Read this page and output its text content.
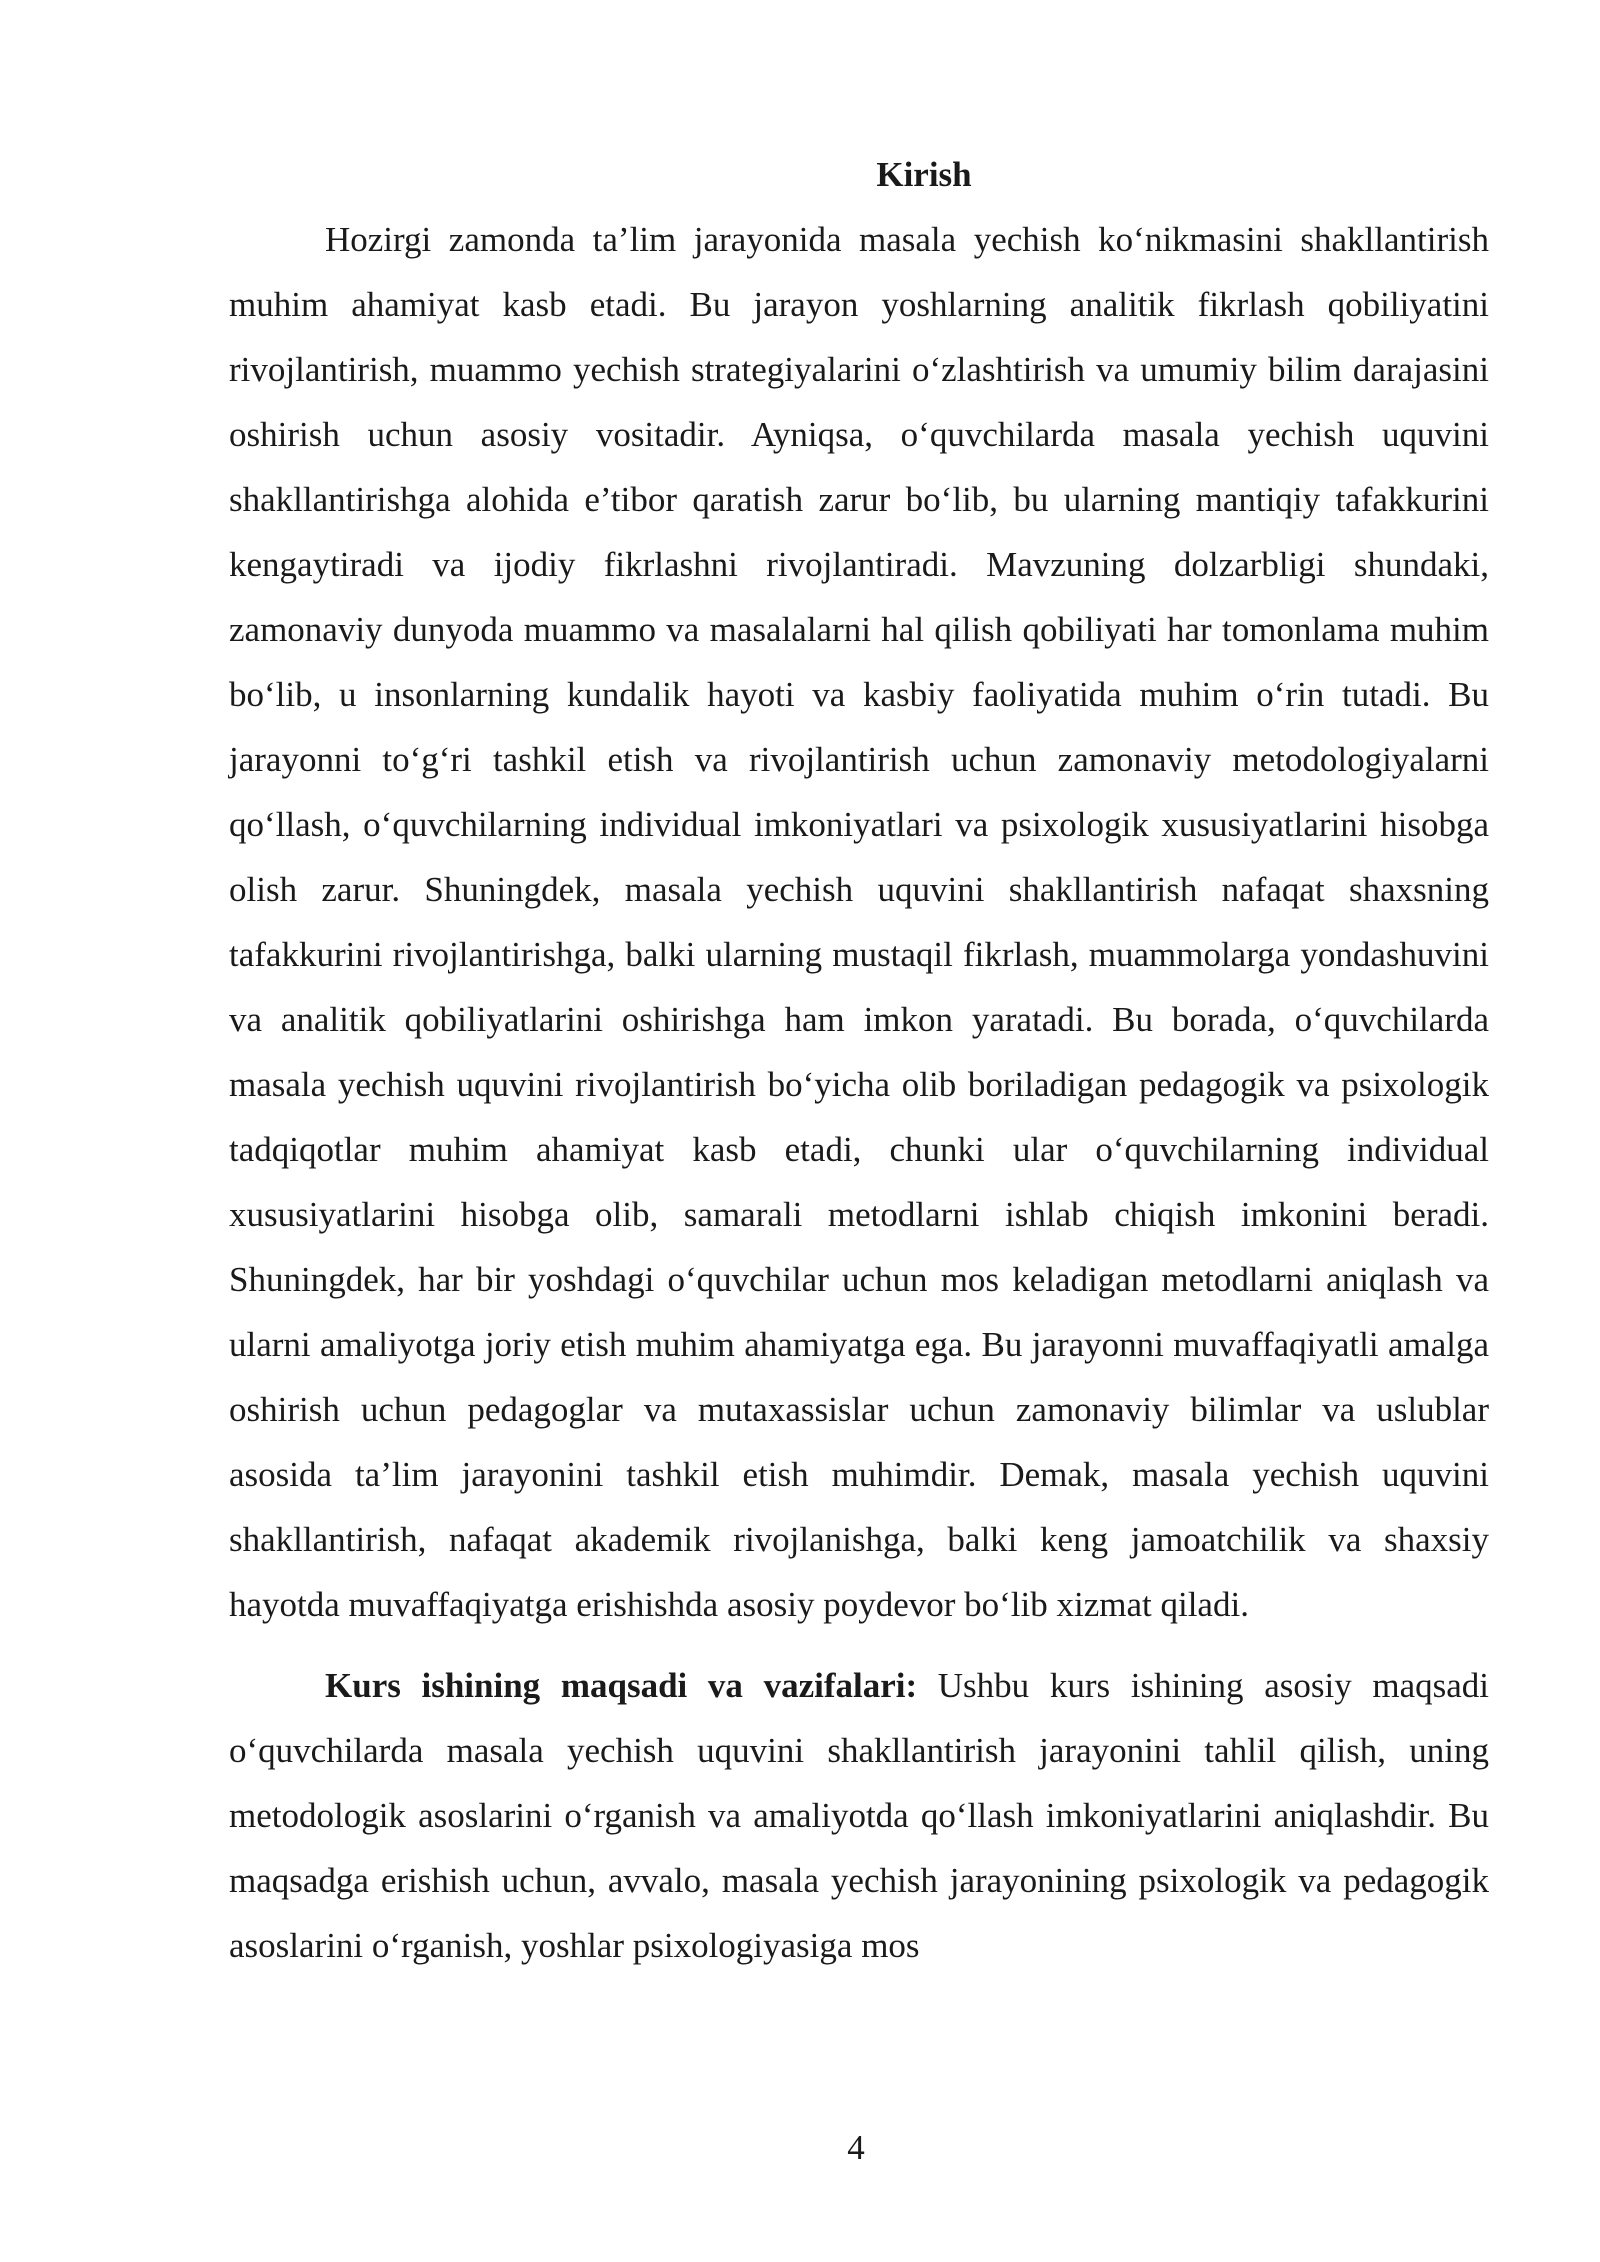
Kirish

Hozirgi zamonda ta’lim jarayonida masala yechish ko‘nikmasini shakllantirish muhim ahamiyat kasb etadi. Bu jarayon yoshlarning analitik fikrlash qobiliyatini rivojlantirish, muammo yechish strategiyalarini o‘zlashtirish va umumiy bilim darajasini oshirish uchun asosiy vositadir. Ayniqsa, o‘quvchilarda masala yechish uquvini shakllantirishga alohida e’tibor qaratish zarur bo‘lib, bu ularning mantiqiy tafakkurini kengaytiradi va ijodiy fikrlashni rivojlantiradi. Mavzuning dolzarbligi shundaki, zamonaviy dunyoda muammo va masalalarni hal qilish qobiliyati har tomonlama muhim bo‘lib, u insonlarning kundalik hayoti va kasbiy faoliyatida muhim o‘rin tutadi. Bu jarayonni to‘g‘ri tashkil etish va rivojlantirish uchun zamonaviy metodologiyalarni qo‘llash, o‘quvchilarning individual imkoniyatlari va psixologik xususiyatlarini hisobga olish zarur. Shuningdek, masala yechish uquvini shakllantirish nafaqat shaxsning tafakkurini rivojlantirishga, balki ularning mustaqil fikrlash, muammolarga yondashuvini va analitik qobiliyatlarini oshirishga ham imkon yaratadi. Bu borada, o‘quvchilarda masala yechish uquvini rivojlantirish bo‘yicha olib boriladigan pedagogik va psixologik tadqiqotlar muhim ahamiyat kasb etadi, chunki ular o‘quvchilarning individual xususiyatlarini hisobga olib, samarali metodlarni ishlab chiqish imkonini beradi. Shuningdek, har bir yoshdagi o‘quvchilar uchun mos keladigan metodlarni aniqlash va ularni amaliyotga joriy etish muhim ahamiyatga ega. Bu jarayonni muvaffaqiyatli amalga oshirish uchun pedagoglar va mutaxassislar uchun zamonaviy bilimlar va uslublar asosida ta’lim jarayonini tashkil etish muhimdir. Demak, masala yechish uquvini shakllantirish, nafaqat akademik rivojlanishga, balki keng jamoatchilik va shaxsiy hayotda muvaffaqiyatga erishishda asosiy poydevor bo‘lib xizmat qiladi.

Kurs ishining maqsadi va vazifalari: Ushbu kurs ishining asosiy maqsadi o‘quvchilarda masala yechish uquvini shakllantirish jarayonini tahlil qilish, uning metodologik asoslarini o‘rganish va amaliyotda qo‘llash imkoniyatlarini aniqlashdir. Bu maqsadga erishish uchun, avvalo, masala yechish jarayonining psixologik va pedagogik asoslarini o‘rganish, yoshlar psixologiyasiga mos

4
